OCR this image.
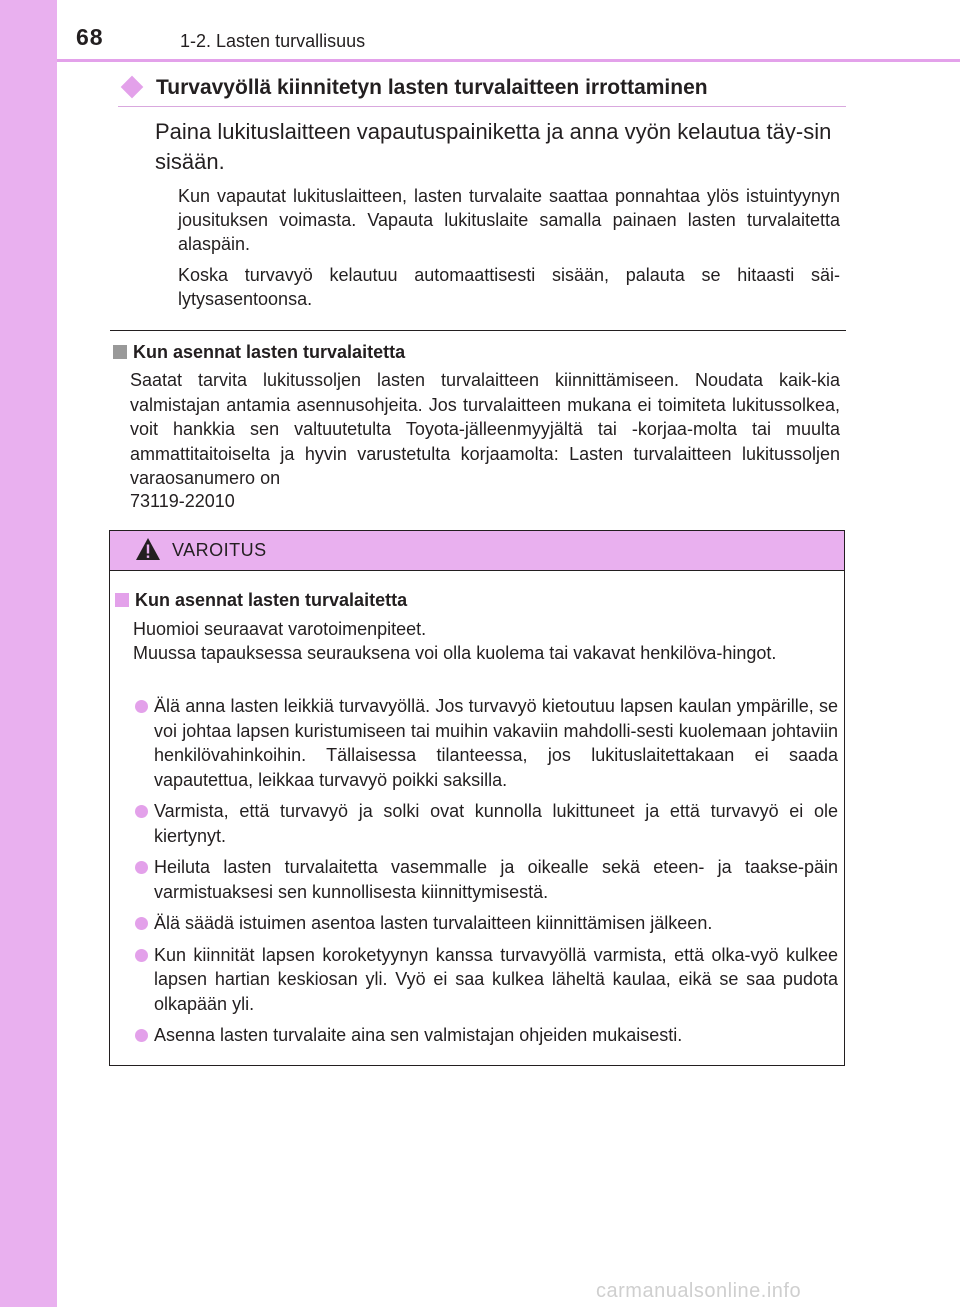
68	1-2. Lasten turvallisuus
Turvavyöllä kiinnitetyn lasten turvalaitteen irrottaminen
Paina lukituslaitteen vapautuspainiketta ja anna vyön kelautua täy-sin sisään.

Kun vapautat lukituslaitteen, lasten turvalaite saattaa ponnahtaa ylös istuintyynyn jousituksen voimasta. Vapauta lukituslaite samalla painaen lasten turvalaitetta alaspäin.

Koska turvavyö kelautuu automaattisesti sisään, palauta se hitaasti säi-lytysasentoonsa.

Kun asennat lasten turvalaitetta
Saatat tarvita lukitussoljen lasten turvalaitteen kiinnittämiseen. Noudata kaik-kia valmistajan antamia asennusohjeita. Jos turvalaitteen mukana ei toimiteta lukitussolkea, voit hankkia sen valtuutetulta Toyota-jälleenmyyjältä tai -korjaa-molta tai muulta ammattitaitoiselta ja hyvin varustetulta korjaamolta: Lasten turvalaitteen lukitussoljen varaosanumero on
73119-22010
VAROITUS
Kun asennat lasten turvalaitetta
Huomioi seuraavat varotoimenpiteet.
Muussa tapauksessa seurauksena voi olla kuolema tai vakavat henkilöva-hingot.
Älä anna lasten leikkiä turvavyöllä. Jos turvavyö kietoutuu lapsen kaulan ympärille, se voi johtaa lapsen kuristumiseen tai muihin vakaviin mahdolli-sesti kuolemaan johtaviin henkilövahinkoihin. Tällaisessa tilanteessa, jos lukituslaitettakaan ei saada vapautettua, leikkaa turvavyö poikki saksilla.
Varmista, että turvavyö ja solki ovat kunnolla lukittuneet ja että turvavyö ei ole kiertynyt.
Heiluta lasten turvalaitetta vasemmalle ja oikealle sekä eteen- ja taakse-päin varmistuaksesi sen kunnollisesta kiinnittymisestä.
Älä säädä istuimen asentoa lasten turvalaitteen kiinnittämisen jälkeen.
Kun kiinnität lapsen koroketyynyn kanssa turvavyöllä varmista, että olka-vyö kulkee lapsen hartian keskiosan yli. Vyö ei saa kulkea läheltä kaulaa, eikä se saa pudota olkapään yli.
Asenna lasten turvalaite aina sen valmistajan ohjeiden mukaisesti.
carmanualsonline.info
